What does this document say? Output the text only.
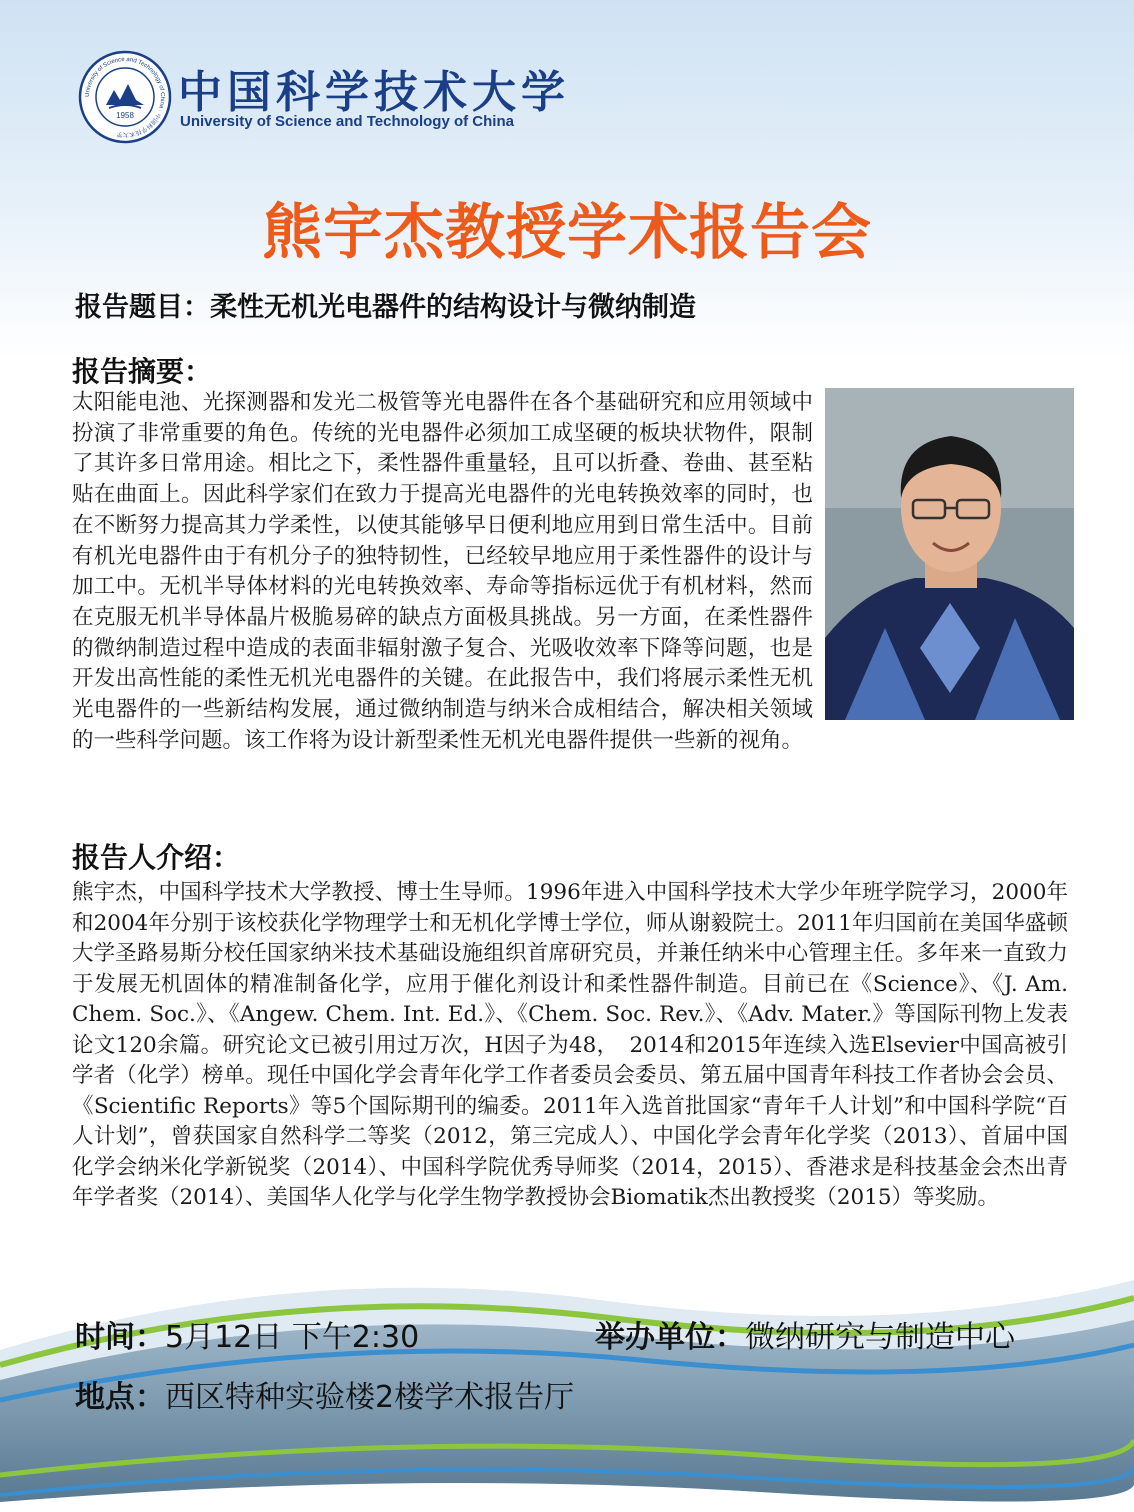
University of Science and Technology of China · 中国科学技术大学
1958 中国科学技术大学
University of Science and Technology of China
熊宇杰教授学术报告会
报告题目：柔性无机光电器件的结构设计与微纳制造
报告摘要：
太阳能电池、光探测器和发光二极管等光电器件在各个基础研究和应用领域中扮演了非常重要的角色。传统的光电器件必须加工成坚硬的板块状物件，限制了其许多日常用途。相比之下，柔性器件重量轻，且可以折叠、卷曲、甚至粘贴在曲面上。因此科学家们在致力于提高光电器件的光电转换效率的同时，也在不断努力提高其力学柔性，以使其能够早日便利地应用到日常生活中。目前有机光电器件由于有机分子的独特韧性，已经较早地应用于柔性器件的设计与加工中。无机半导体材料的光电转换效率、寿命等指标远优于有机材料，然而在克服无机半导体晶片极脆易碎的缺点方面极具挑战。另一方面，在柔性器件的微纳制造过程中造成的表面非辐射激子复合、光吸收效率下降等问题，也是开发出高性能的柔性无机光电器件的关键。在此报告中，我们将展示柔性无机光电器件的一些新结构发展，通过微纳制造与纳米合成相结合，解决相关领域的一些科学问题。该工作将为设计新型柔性无机光电器件提供一些新的视角。
报告人介绍：
熊宇杰，中国科学技术大学教授、博士生导师。1996年进入中国科学技术大学少年班学院学习，2000年和2004年分别于该校获化学物理学士和无机化学博士学位，师从谢毅院士。2011年归国前在美国华盛顿大学圣路易斯分校任国家纳米技术基础设施组织首席研究员，并兼任纳米中心管理主任。多年来一直致力于发展无机固体的精准制备化学，应用于催化剂设计和柔性器件制造。目前已在《Science》、《J. Am. Chem. Soc.》、《Angew. Chem. Int. Ed.》、《Chem. Soc. Rev.》、《Adv. Mater.》等国际刊物上发表论文120余篇。研究论文已被引用过万次，H因子为48，　2014和2015年连续入选Elsevier中国高被引学者（化学）榜单。现任中国化学会青年化学工作者委员会委员、第五届中国青年科技工作者协会会员、《Scientific Reports》等5个国际期刊的编委。2011年入选首批国家“青年千人计划”和中国科学院“百人计划”，曾获国家自然科学二等奖（2012，第三完成人）、中国化学会青年化学奖（2013）、首届中国化学会纳米化学新锐奖（2014）、中国科学院优秀导师奖（2014，2015）、香港求是科技基金会杰出青年学者奖（2014）、美国华人化学与化学生物学教授协会Biomatik杰出教授奖（2015）等奖励。
时间：5月12日 下午2:30	举办单位：微纳研究与制造中心
地点：西区特种实验楼2楼学术报告厅
